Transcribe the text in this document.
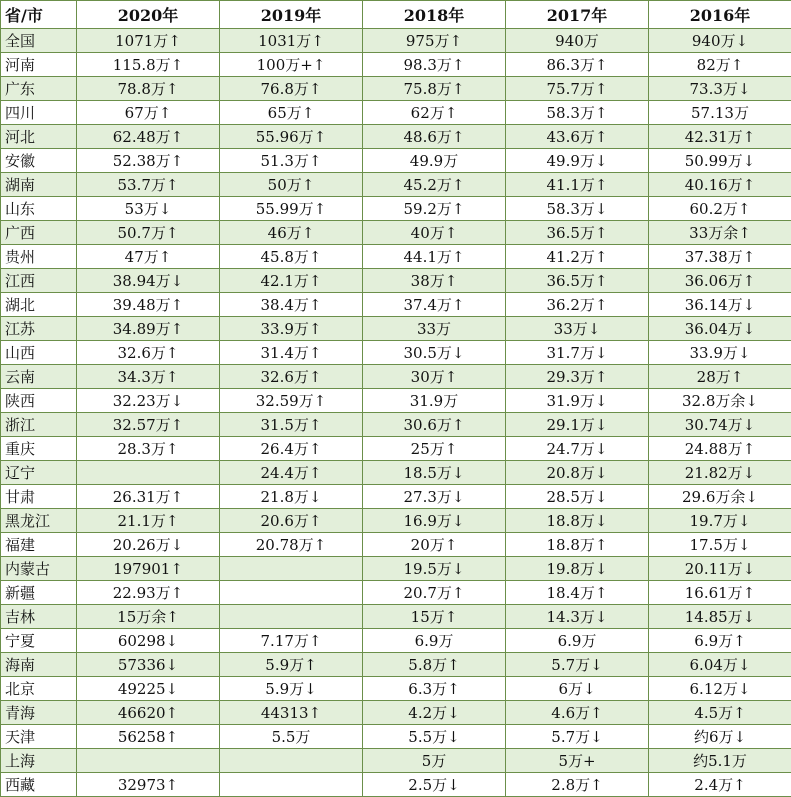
省/市	2020年	2019年	2018年	2017年	2016年
全国	1071万↑	1031万↑	975万↑	940万	940万↓
河南	115.8万↑	100万+↑	98.3万↑	86.3万↑	82万↑
广东	78.8万↑	76.8万↑	75.8万↑	75.7万↑	73.3万↓
四川	67万↑	65万↑	62万↑	58.3万↑	57.13万
河北	62.48万↑	55.96万↑	48.6万↑	43.6万↑	42.31万↑
安徽	52.38万↑	51.3万↑	49.9万	49.9万↓	50.99万↓
湖南	53.7万↑	50万↑	45.2万↑	41.1万↑	40.16万↑
山东	53万↓	55.99万↑	59.2万↑	58.3万↓	60.2万↑
广西	50.7万↑	46万↑	40万↑	36.5万↑	33万余↑
贵州	47万↑	45.8万↑	44.1万↑	41.2万↑	37.38万↑
江西	38.94万↓	42.1万↑	38万↑	36.5万↑	36.06万↑
湖北	39.48万↑	38.4万↑	37.4万↑	36.2万↑	36.14万↓
江苏	34.89万↑	33.9万↑	33万	33万↓	36.04万↓
山西	32.6万↑	31.4万↑	30.5万↓	31.7万↓	33.9万↓
云南	34.3万↑	32.6万↑	30万↑	29.3万↑	28万↑
陕西	32.23万↓	32.59万↑	31.9万	31.9万↓	32.8万余↓
浙江	32.57万↑	31.5万↑	30.6万↑	29.1万↓	30.74万↓
重庆	28.3万↑	26.4万↑	25万↑	24.7万↓	24.88万↑
辽宁		24.4万↑	18.5万↓	20.8万↓	21.82万↓
甘肃	26.31万↑	21.8万↓	27.3万↓	28.5万↓	29.6万余↓
黑龙江	21.1万↑	20.6万↑	16.9万↓	18.8万↓	19.7万↓
福建	20.26万↓	20.78万↑	20万↑	18.8万↑	17.5万↓
内蒙古	197901↑		19.5万↓	19.8万↓	20.11万↓
新疆	22.93万↑		20.7万↑	18.4万↑	16.61万↑
吉林	15万余↑		15万↑	14.3万↓	14.85万↓
宁夏	60298↓	7.17万↑	6.9万	6.9万	6.9万↑
海南	57336↓	5.9万↑	5.8万↑	5.7万↓	6.04万↓
北京	49225↓	5.9万↓	6.3万↑	6万↓	6.12万↓
青海	46620↑	44313↑	4.2万↓	4.6万↑	4.5万↑
天津	56258↑	5.5万	5.5万↓	5.7万↓	约6万↓
上海			5万	5万+	约5.1万
西藏	32973↑		2.5万↓	2.8万↑	2.4万↑
